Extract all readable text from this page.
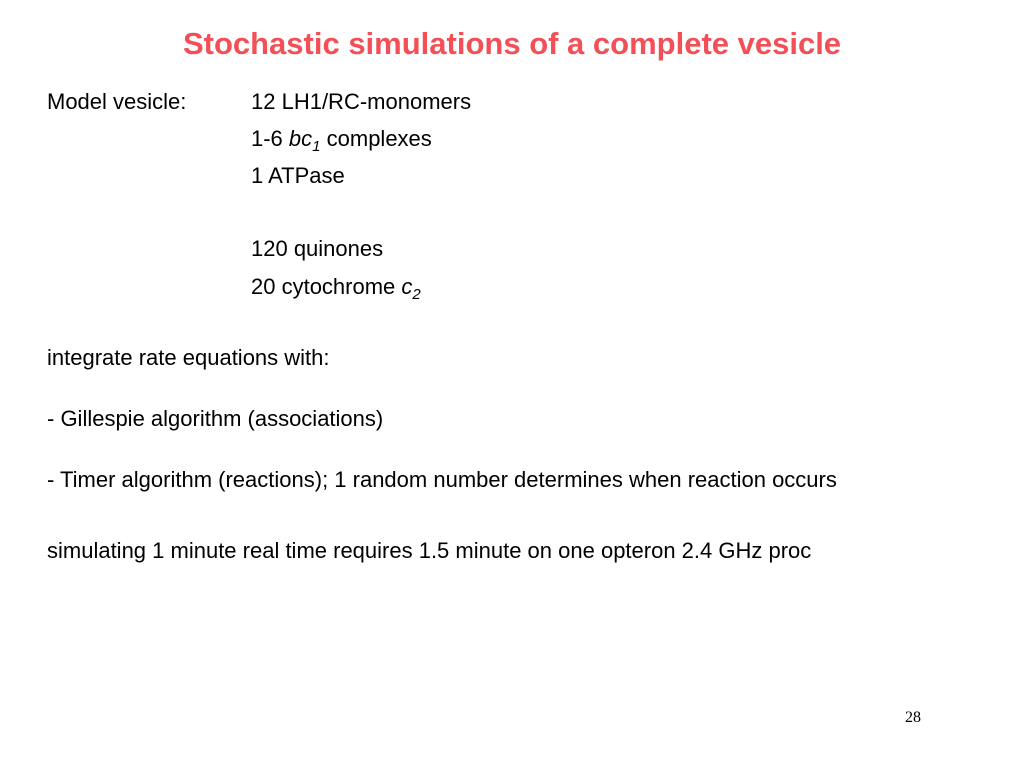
Stochastic simulations of a complete vesicle
Model vesicle:	12 LH1/RC-monomers
1-6 $bc_1$ complexes
1 ATPase
120 quinones
20 cytochrome $c_2$
integrate rate equations with:
- Gillespie algorithm (associations)
- Timer algorithm (reactions); 1 random number determines when reaction occurs
simulating 1 minute real time requires 1.5 minute on one opteron 2.4 GHz proc
28
